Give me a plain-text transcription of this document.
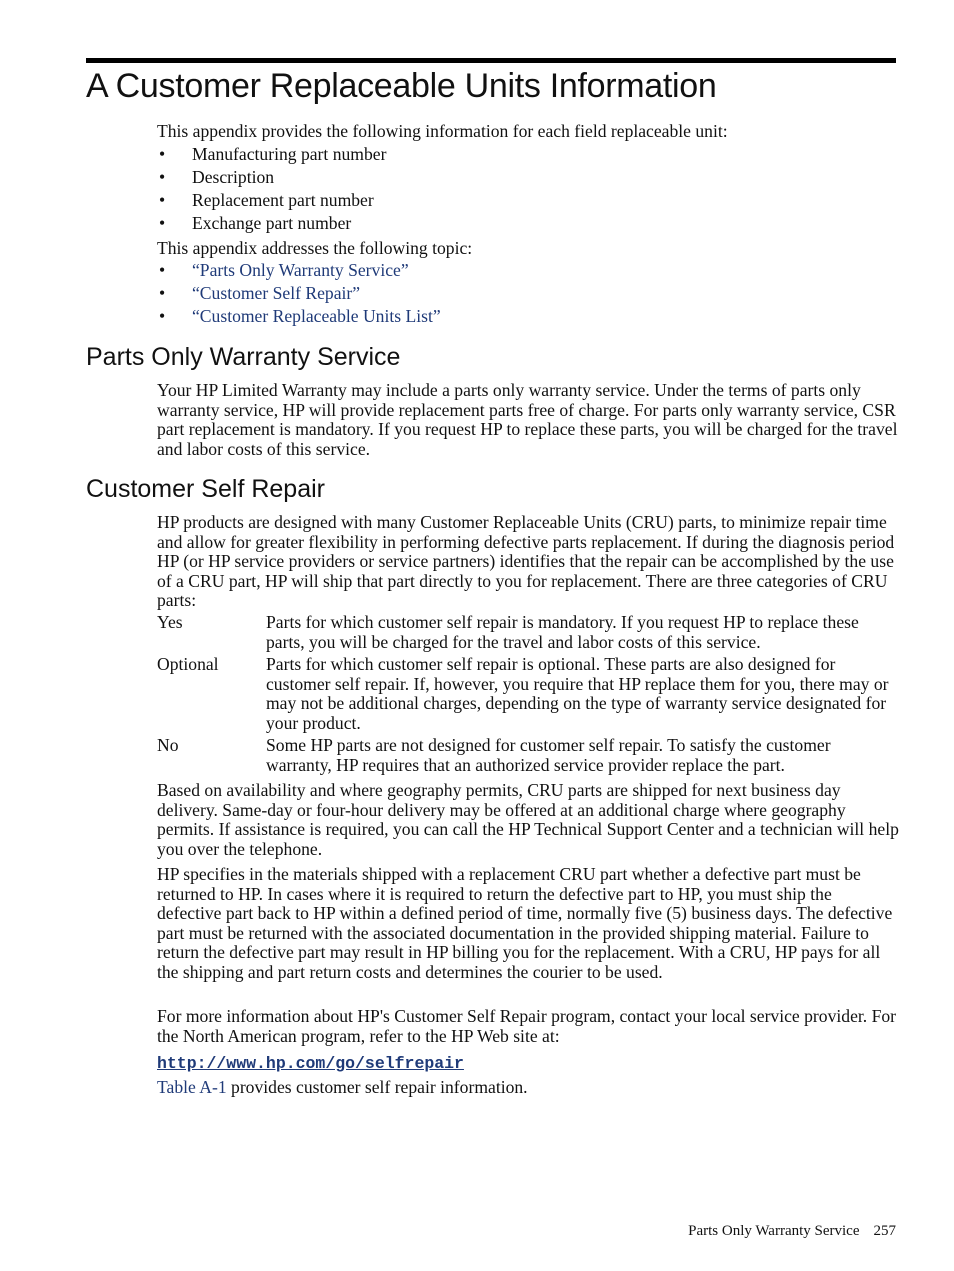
A Customer Replaceable Units Information

This appendix provides the following information for each field replaceable unit:

• Manufacturing part number
• Description
• Replacement part number
• Exchange part number

This appendix addresses the following topic:

• “Parts Only Warranty Service”
• “Customer Self Repair”
• “Customer Replaceable Units List”
Parts Only Warranty Service

Your HP Limited Warranty may include a parts only warranty service. Under the terms of parts only warranty service, HP will provide replacement parts free of charge. For parts only warranty service, CSR part replacement is mandatory. If you request HP to replace these parts, you will be charged for the travel and labor costs of this service.

Customer Self Repair

HP products are designed with many Customer Replaceable Units (CRU) parts, to minimize repair time and allow for greater flexibility in performing defective parts replacement. If during the diagnosis period HP (or HP service providers or service partners) identifies that the repair can be accomplished by the use of a CRU part, HP will ship that part directly to you for replacement. There are three categories of CRU parts:

Yes	Parts for which customer self repair is mandatory. If you request HP to replace these parts, you will be charged for the travel and labor costs of this service.

Optional	Parts for which customer self repair is optional. These parts are also designed for customer self repair. If, however, you require that HP replace them for you, there may or may not be additional charges, depending on the type of warranty service designated for your product.

No	Some HP parts are not designed for customer self repair. To satisfy the customer warranty, HP requires that an authorized service provider replace the part.

Based on availability and where geography permits, CRU parts are shipped for next business day delivery. Same-day or four-hour delivery may be offered at an additional charge where geography permits. If assistance is required, you can call the HP Technical Support Center and a technician will help you over the telephone.

HP specifies in the materials shipped with a replacement CRU part whether a defective part must be returned to HP. In cases where it is required to return the defective part to HP, you must ship the defective part back to HP within a defined period of time, normally five (5) business days. The defective part must be returned with the associated documentation in the provided shipping material. Failure to return the defective part may result in HP billing you for the replacement. With a CRU, HP pays for all the shipping and part return costs and determines the courier to be used.

For more information about HP's Customer Self Repair program, contact your local service provider. For the North American program, refer to the HP Web site at:

http://www.hp.com/go/selfrepair

Table A-1 provides customer self repair information.

Parts Only Warranty Service 257
